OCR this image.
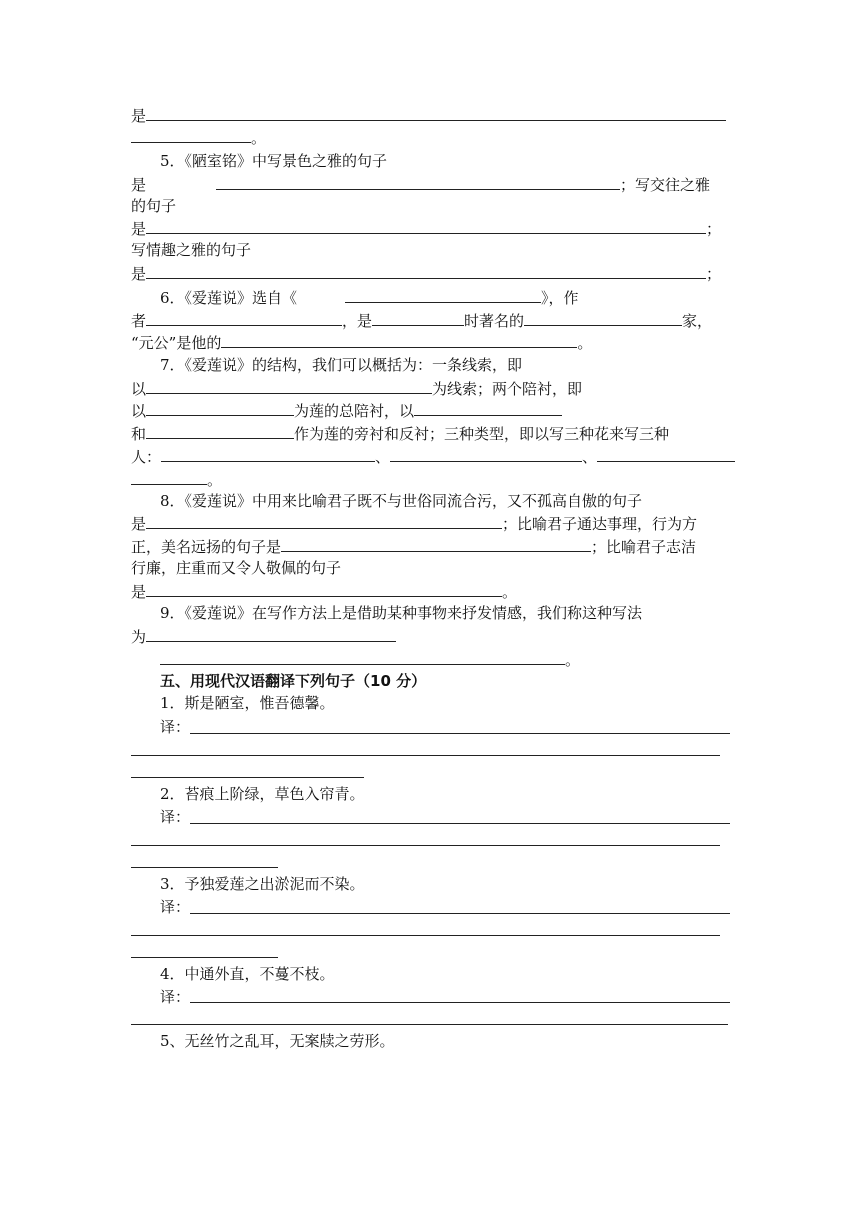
是
。
5．《陋室铭》中写景色之雅的句子
是	；写交往之雅
的句子
是	；
写情趣之雅的句子
是	；
6．《爱莲说》选自《	》，作
者	，是	时著名的	家，
“元公”是他的	。
7．《爱莲说》的结构，我们可以概括为：一条线索，即
以	为线索；两个陪衬，即
以	为莲的总陪衬，以
和	作为莲的旁衬和反衬；三种类型，即以写三种花来写三种
人：	、	、
。
8．《爱莲说》中用来比喻君子既不与世俗同流合污，又不孤高自傲的句子
是	；比喻君子通达事理，行为方
正，美名远扬的句子是	；比喻君子志洁
行廉，庄重而又令人敬佩的句子
是	。
9．《爱莲说》在写作方法上是借助某种事物来抒发情感，我们称这种写法
为
。
五、用现代汉语翻译下列句子（10 分）
1．斯是陋室，惟吾德馨。
译：
2．苔痕上阶绿，草色入帘青。
译：
3．予独爱莲之出淤泥而不染。
译：
4．中通外直，不蔓不枝。
译：
5、无丝竹之乱耳，无案牍之劳形。
